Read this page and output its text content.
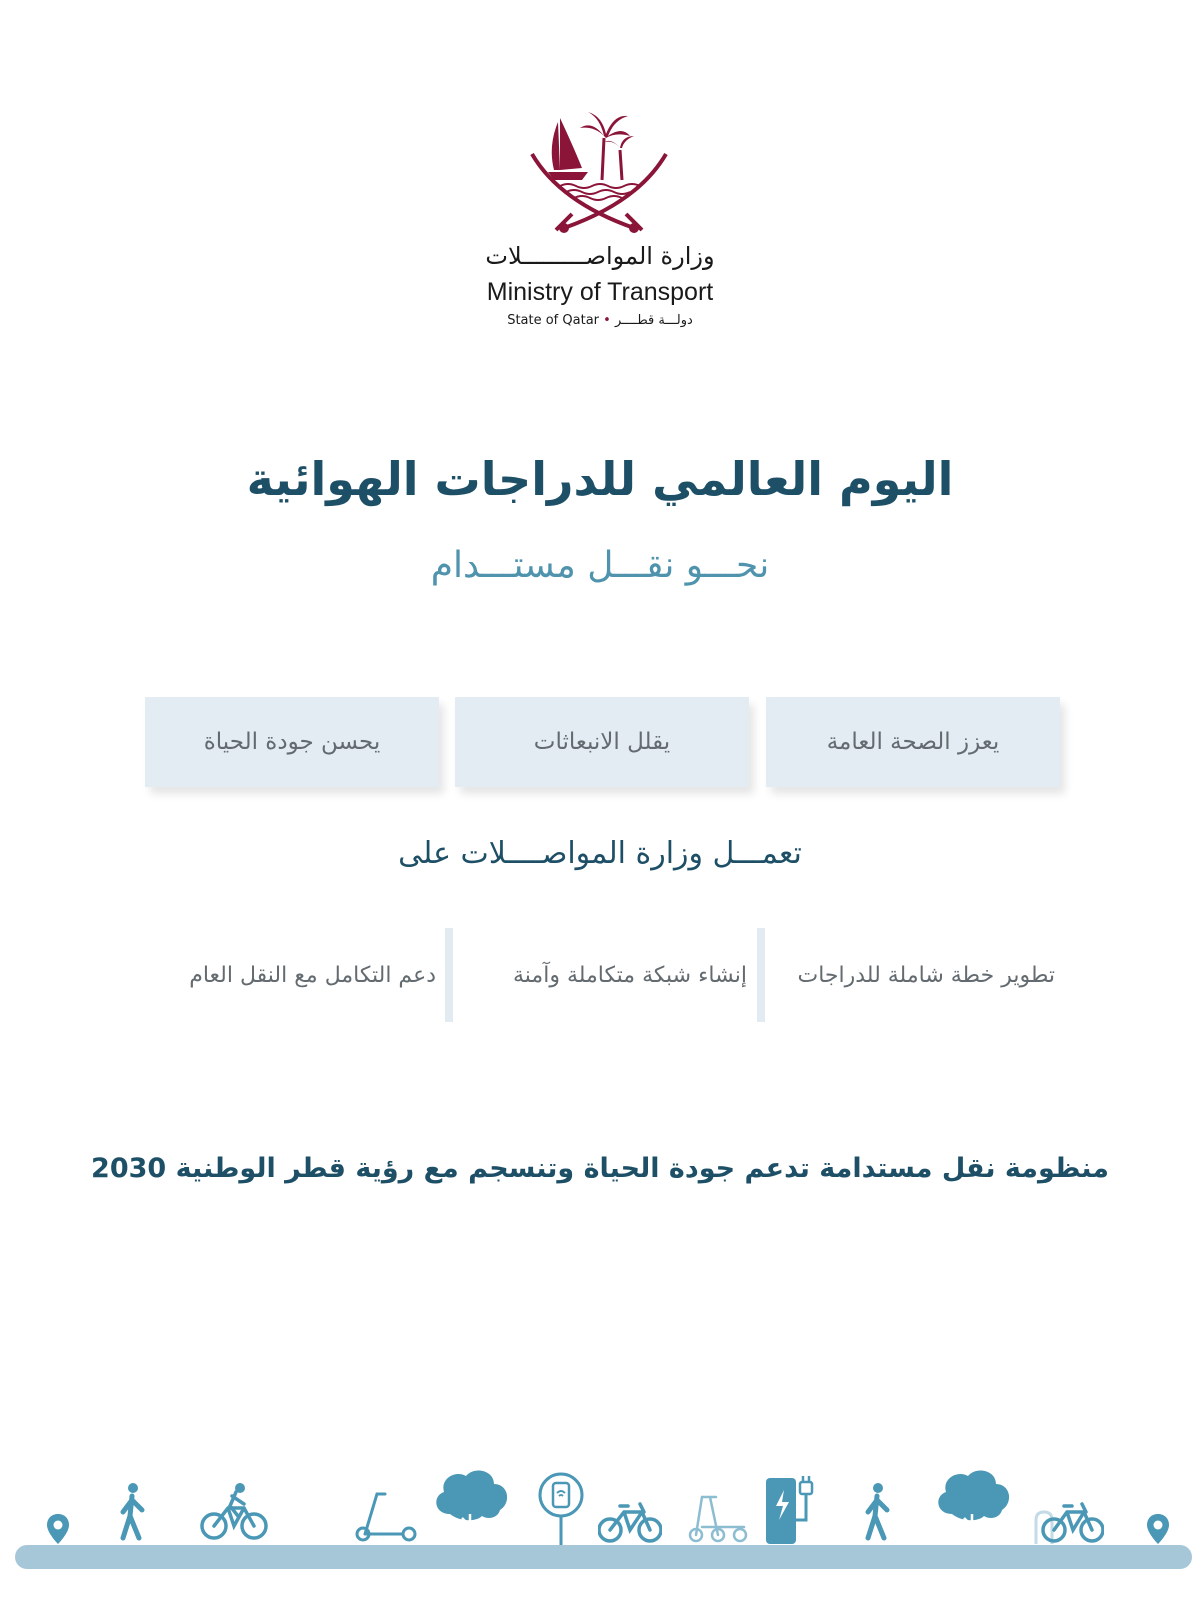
وزارة المواصـــــــــلات
Ministry of Transport
State of Qatar • دولـــة قطــــر
اليوم العالمي للدراجات الهوائية
نحـــو نقـــل مستـــدام
يعزز الصحة العامة
يقلل الانبعاثات
يحسن جودة الحياة
تعمـــل وزارة المواصــــلات على
تطوير خطة شاملة للدراجات
إنشاء شبكة متكاملة وآمنة
دعم التكامل مع النقل العام
منظومة نقل مستدامة تدعم جودة الحياة وتنسجم مع رؤية قطر الوطنية 2030
